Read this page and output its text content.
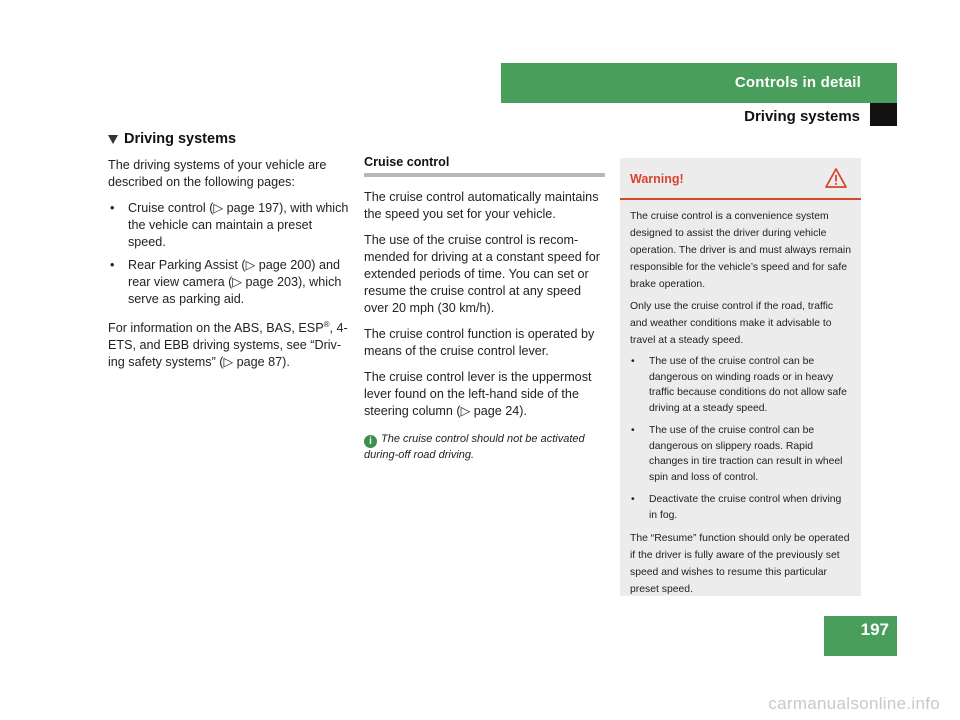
Controls in detail
Driving systems
Driving systems

The driving systems of your vehicle are described on the following pages:

• Cruise control (▷ page 197), with which the vehicle can maintain a preset speed.
• Rear Parking Assist (▷ page 200) and rear view camera (▷ page 203), which serve as parking aid.

For information on the ABS, BAS, ESP®, 4-ETS, and EBB driving systems, see “Driv-ing safety systems” (▷ page 87).

Cruise control

The cruise control automatically maintains the speed you set for your vehicle.

The use of the cruise control is recom-mended for driving at a constant speed for extended periods of time. You can set or resume the cruise control at any speed over 20 mph (30 km/h).

The cruise control function is operated by means of the cruise control lever.

The cruise control lever is the uppermost lever found on the left-hand side of the steering column (▷ page 24).

i The cruise control should not be activated during-off road driving.
Warning!

The cruise control is a convenience system designed to assist the driver during vehicle operation. The driver is and must always remain responsible for the vehicle’s speed and for safe brake operation.

Only use the cruise control if the road, traffic and weather conditions make it advisable to travel at a steady speed.

• The use of the cruise control can be dangerous on winding roads or in heavy traffic because conditions do not allow safe driving at a steady speed.
• The use of the cruise control can be dangerous on slippery roads. Rapid changes in tire traction can result in wheel spin and loss of control.
• Deactivate the cruise control when driving in fog.

The “Resume” function should only be operated if the driver is fully aware of the previously set speed and wishes to resume this particular preset speed.

197
carmanualsonline.info
